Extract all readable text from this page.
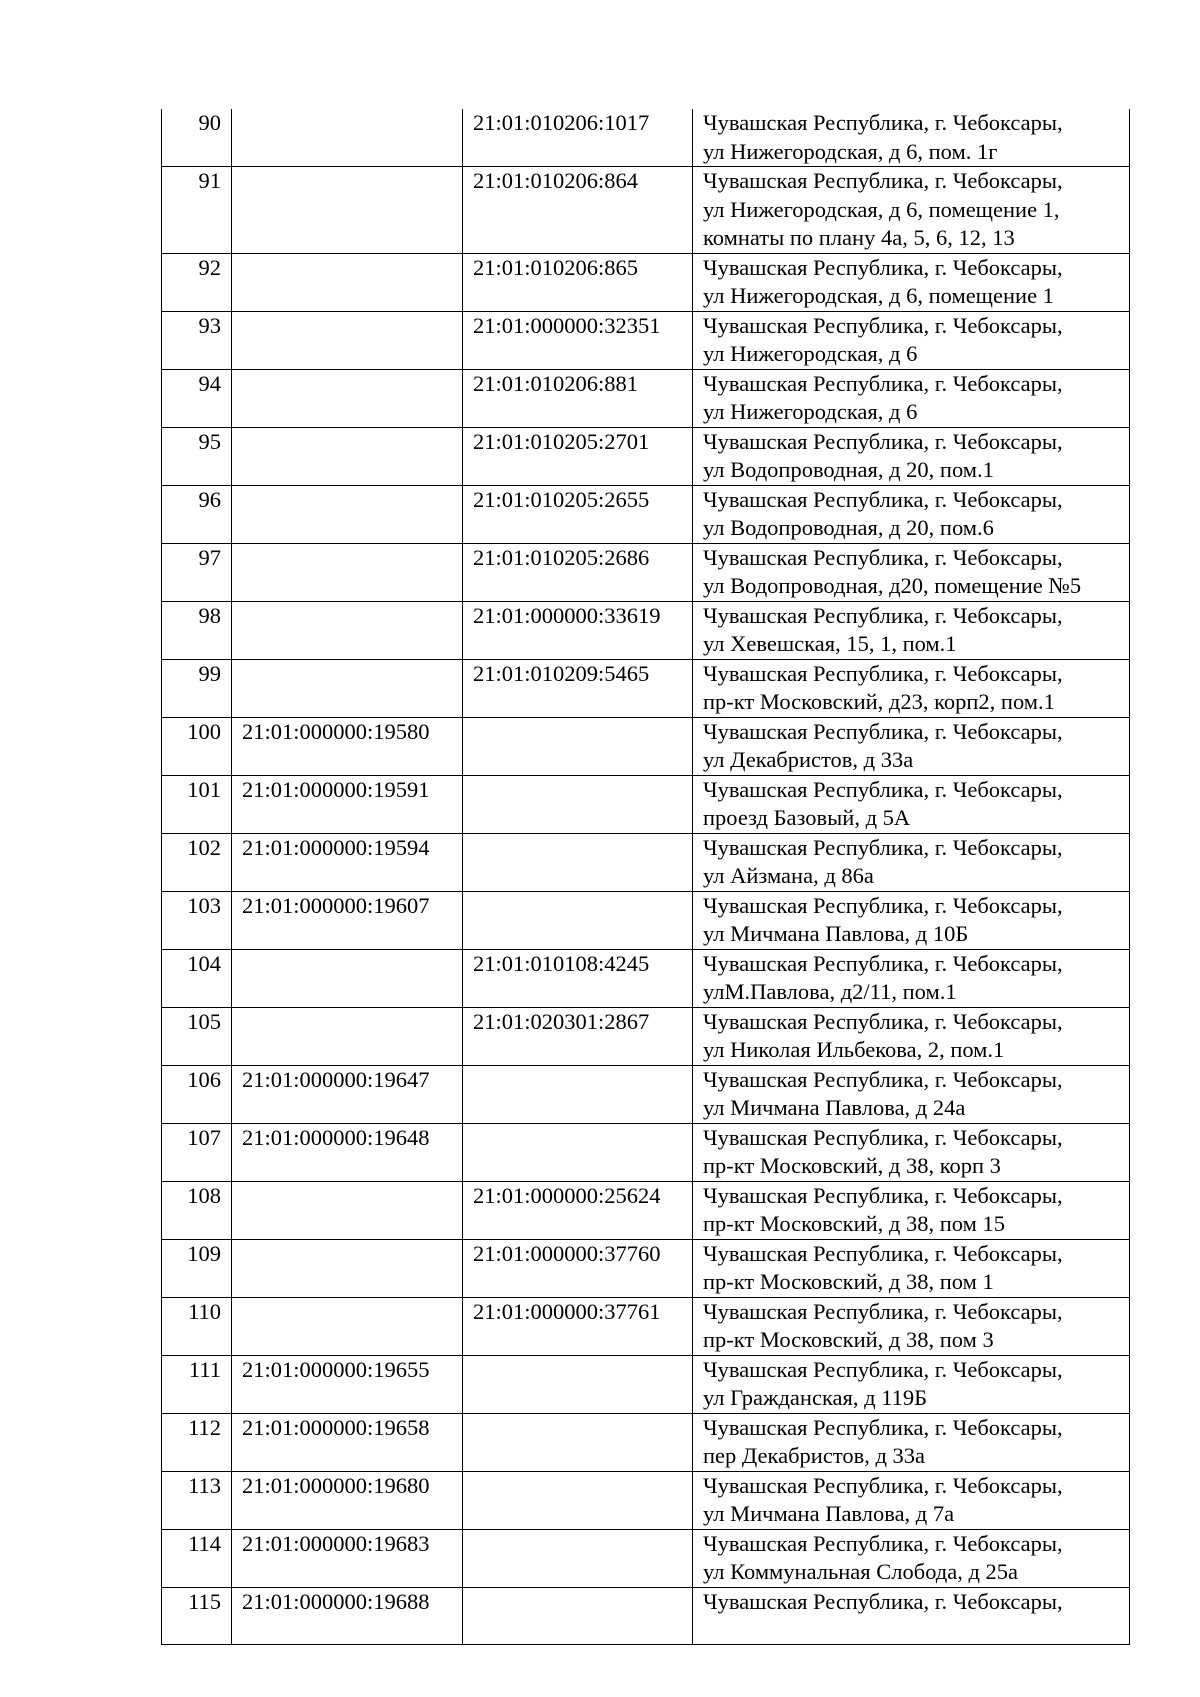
90		21:01:010206:1017	Чувашская Республика, г. Чебоксары,
ул Нижегородская, д 6, пом. 1г
91		21:01:010206:864	Чувашская Республика, г. Чебоксары,
ул Нижегородская, д 6, помещение 1,
комнаты по плану 4а, 5, 6, 12, 13
92		21:01:010206:865	Чувашская Республика, г. Чебоксары,
ул Нижегородская, д 6, помещение 1
93		21:01:000000:32351	Чувашская Республика, г. Чебоксары,
ул Нижегородская, д 6
94		21:01:010206:881	Чувашская Республика, г. Чебоксары,
ул Нижегородская, д 6
95		21:01:010205:2701	Чувашская Республика, г. Чебоксары,
ул Водопроводная, д 20, пом.1
96		21:01:010205:2655	Чувашская Республика, г. Чебоксары,
ул Водопроводная, д 20, пом.6
97		21:01:010205:2686	Чувашская Республика, г. Чебоксары,
ул Водопроводная, д20, помещение №5
98		21:01:000000:33619	Чувашская Республика, г. Чебоксары,
ул Хевешская, 15, 1, пом.1
99		21:01:010209:5465	Чувашская Республика, г. Чебоксары,
пр-кт Московский, д23, корп2, пом.1
100	21:01:000000:19580		Чувашская Республика, г. Чебоксары,
ул Декабристов, д 33а
101	21:01:000000:19591		Чувашская Республика, г. Чебоксары,
проезд Базовый, д 5А
102	21:01:000000:19594		Чувашская Республика, г. Чебоксары,
ул Айзмана, д 86а
103	21:01:000000:19607		Чувашская Республика, г. Чебоксары,
ул Мичмана Павлова, д 10Б
104		21:01:010108:4245	Чувашская Республика, г. Чебоксары,
улМ.Павлова, д2/11, пом.1
105		21:01:020301:2867	Чувашская Республика, г. Чебоксары,
ул Николая Ильбекова, 2, пом.1
106	21:01:000000:19647		Чувашская Республика, г. Чебоксары,
ул Мичмана Павлова, д 24а
107	21:01:000000:19648		Чувашская Республика, г. Чебоксары,
пр-кт Московский, д 38, корп 3
108		21:01:000000:25624	Чувашская Республика, г. Чебоксары,
пр-кт Московский, д 38, пом 15
109		21:01:000000:37760	Чувашская Республика, г. Чебоксары,
пр-кт Московский, д 38, пом 1
110		21:01:000000:37761	Чувашская Республика, г. Чебоксары,
пр-кт Московский, д 38, пом 3
111	21:01:000000:19655		Чувашская Республика, г. Чебоксары,
ул Гражданская, д 119Б
112	21:01:000000:19658		Чувашская Республика, г. Чебоксары,
пер Декабристов, д 33а
113	21:01:000000:19680		Чувашская Республика, г. Чебоксары,
ул Мичмана Павлова, д 7а
114	21:01:000000:19683		Чувашская Республика, г. Чебоксары,
ул Коммунальная Слобода, д 25а
115	21:01:000000:19688		Чувашская Республика, г. Чебоксары,
